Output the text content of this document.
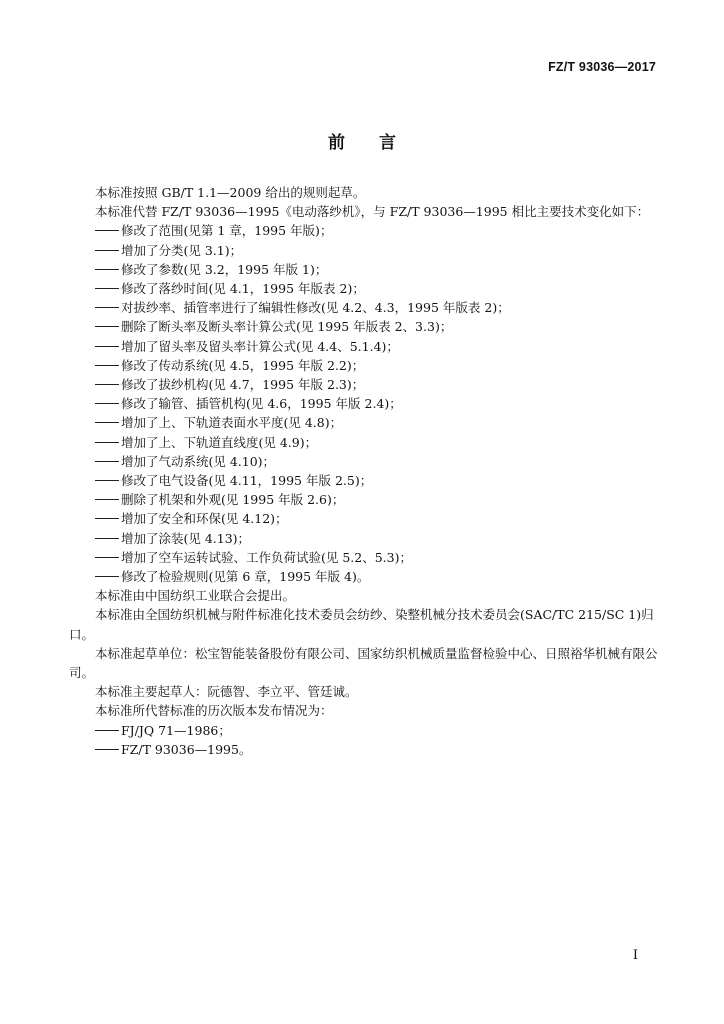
FZ/T 93036—2017
前言

本标准按照 GB/T 1.1—2009 给出的规则起草。

本标准代替 FZ/T 93036—1995《电动落纱机》，与 FZ/T 93036—1995 相比主要技术变化如下：

修改了范围(见第 1 章，1995 年版)；

增加了分类(见 3.1)；

修改了参数(见 3.2，1995 年版 1)；

修改了落纱时间(见 4.1，1995 年版表 2)；

对拔纱率、插管率进行了编辑性修改(见 4.2、4.3，1995 年版表 2)；

删除了断头率及断头率计算公式(见 1995 年版表 2、3.3)；

增加了留头率及留头率计算公式(见 4.4、5.1.4)；

修改了传动系统(见 4.5，1995 年版 2.2)；

修改了拔纱机构(见 4.7，1995 年版 2.3)；

修改了输管、插管机构(见 4.6，1995 年版 2.4)；

增加了上、下轨道表面水平度(见 4.8)；

增加了上、下轨道直线度(见 4.9)；

增加了气动系统(见 4.10)；

修改了电气设备(见 4.11，1995 年版 2.5)；

删除了机架和外观(见 1995 年版 2.6)；

增加了安全和环保(见 4.12)；

增加了涂装(见 4.13)；

增加了空车运转试验、工作负荷试验(见 5.2、5.3)；

修改了检验规则(见第 6 章，1995 年版 4)。

本标准由中国纺织工业联合会提出。

本标准由全国纺织机械与附件标准化技术委员会纺纱、染整机械分技术委员会(SAC/TC 215/SC 1)归口。

本标准起草单位：松宝智能装备股份有限公司、国家纺织机械质量监督检验中心、日照裕华机械有限公司。

本标准主要起草人：阮德智、李立平、管廷诚。

本标准所代替标准的历次版本发布情况为：

FJ/JQ 71—1986；

FZ/T 93036—1995。

I
